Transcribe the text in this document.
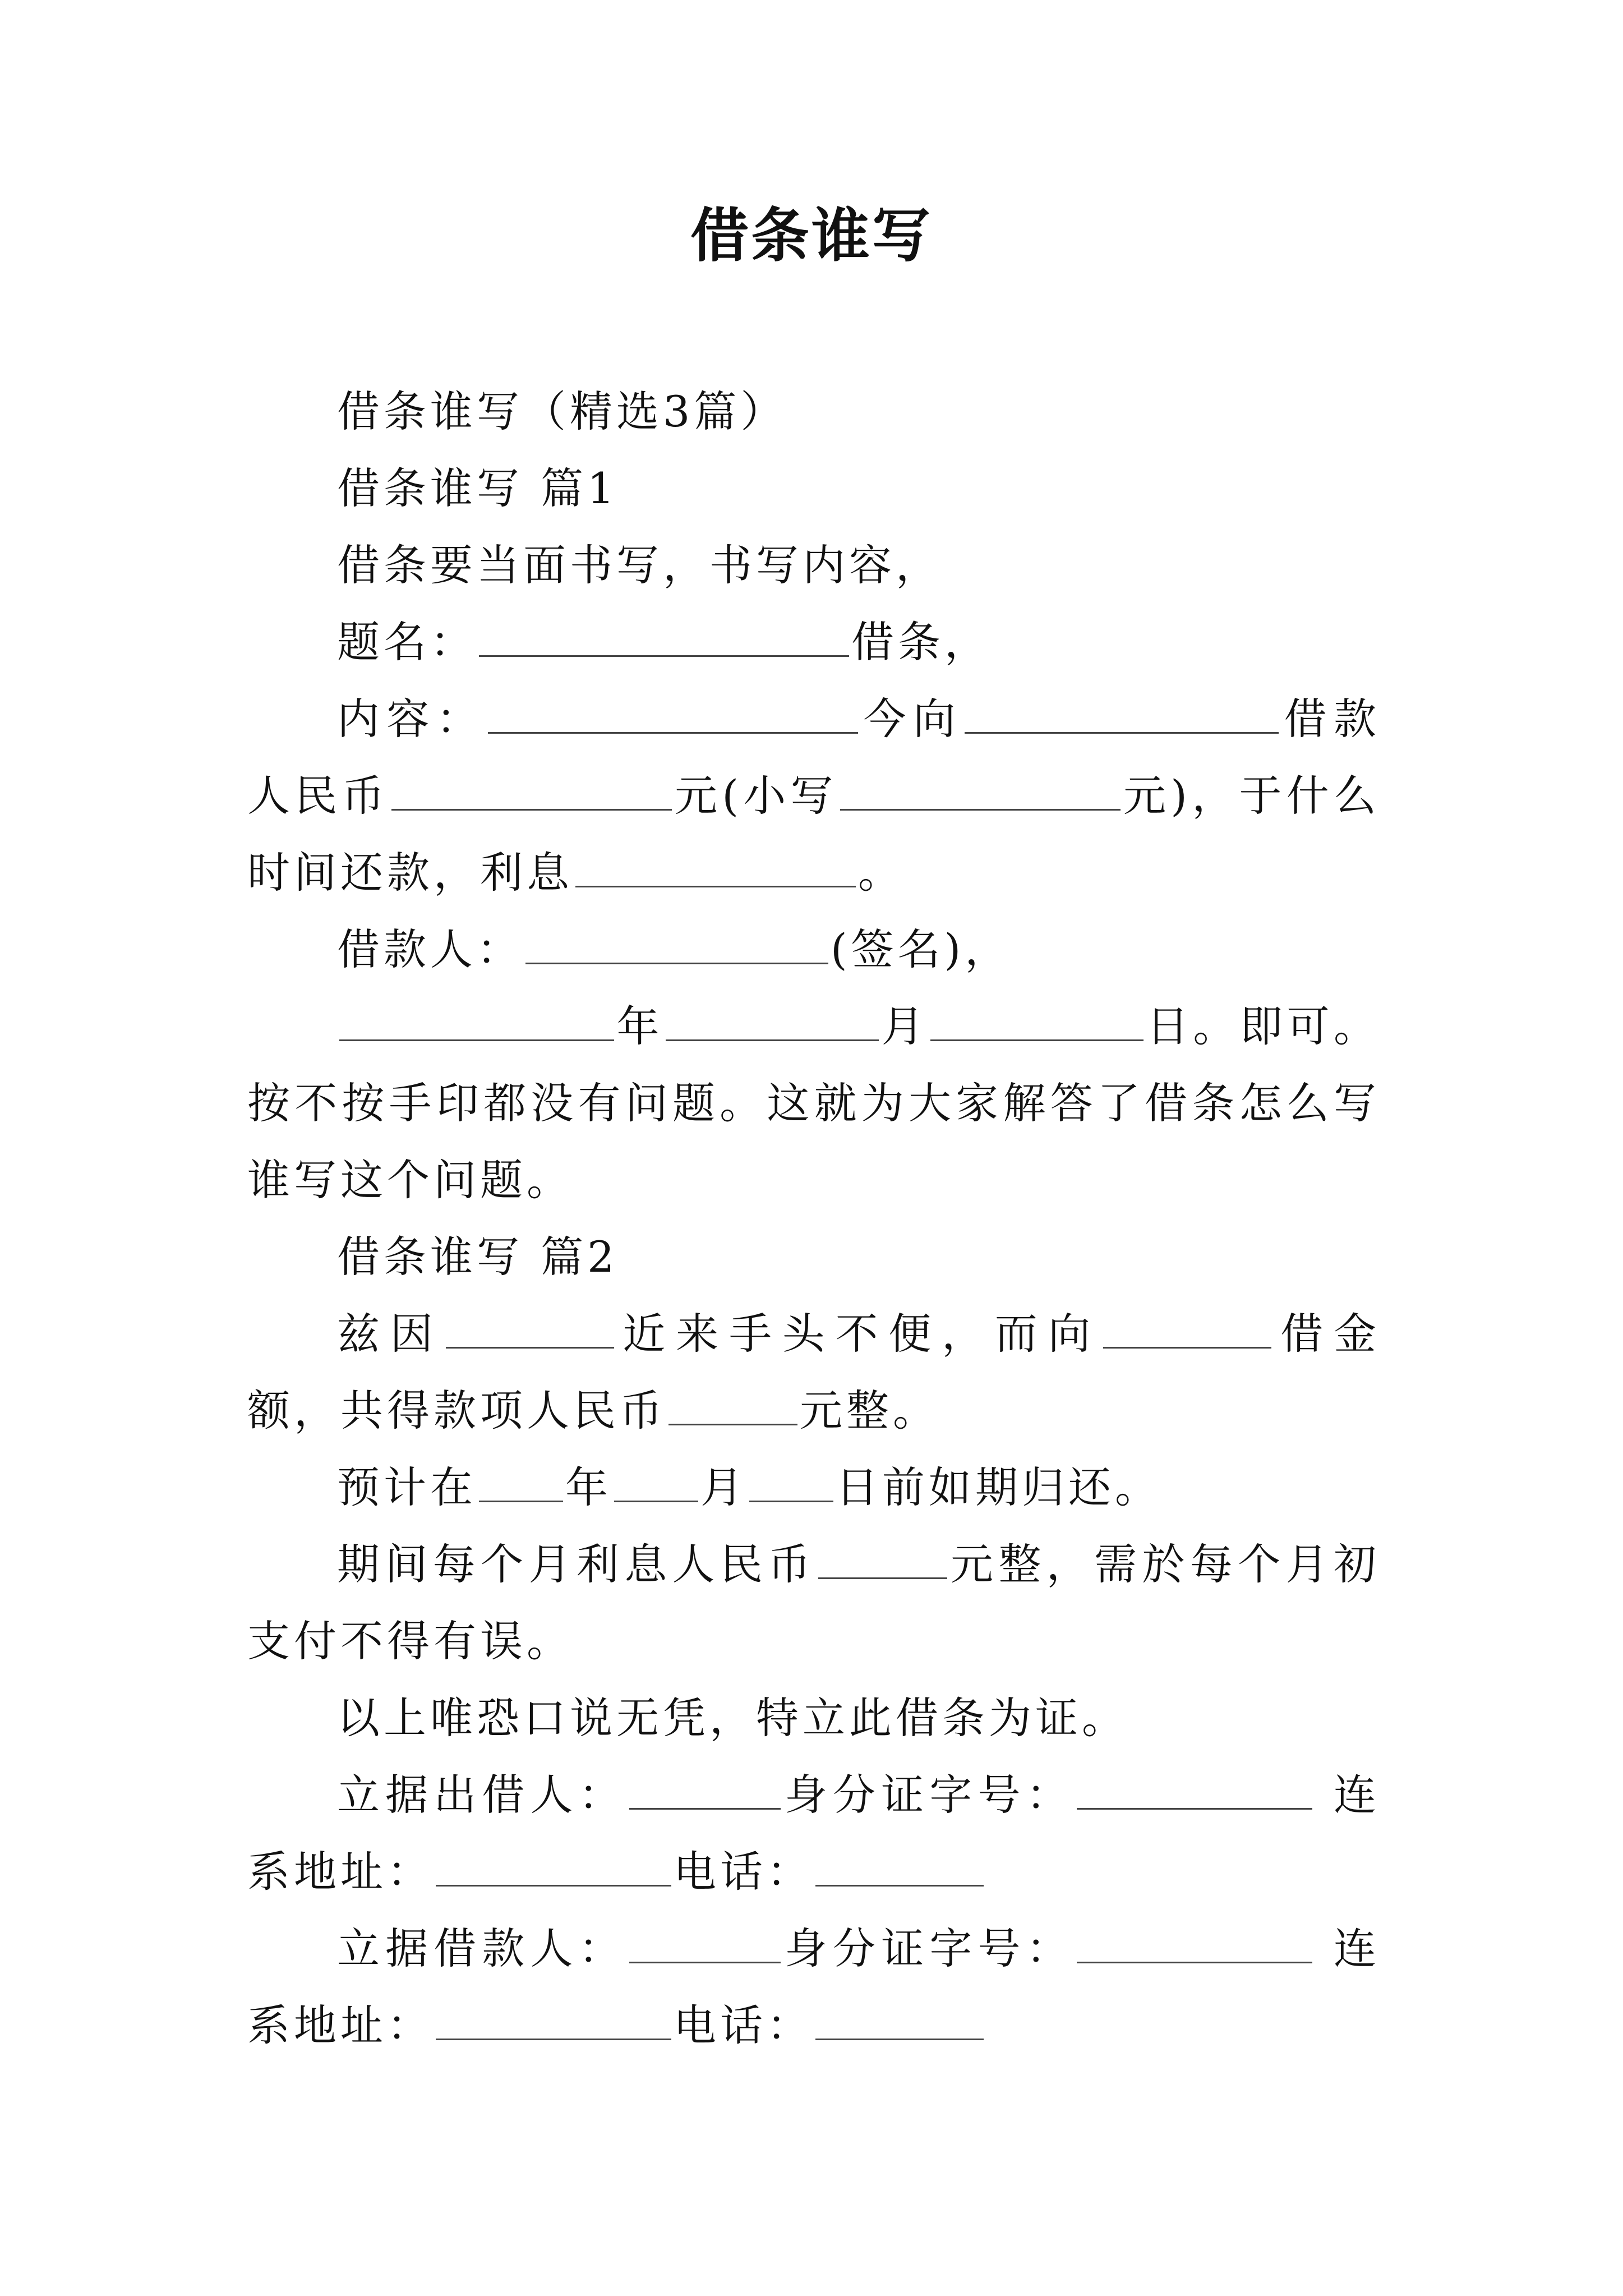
借条谁写

借条谁写（精选3篇）

借条谁写 篇1

借条要当面书写，书写内容，

题名：	借条，

内容：	今向	借款人民币	元(小写	元)，于什么时间还款，利息	。

借款人：	(签名)，

年	月	日。即可。按不按手印都没有问题。这就为大家解答了借条怎么写谁写这个问题。

借条谁写 篇2

兹因	近来手头不便，而向	借金额，共得款项人民币	元整。

预计在 年 月 日前如期归还。

期间每个月利息人民币	元整，需於每个月初支付不得有误。

以上唯恐口说无凭，特立此借条为证。

立据出借人：	身分证字号：	连系地址：	电话：

立据借款人：	身分证字号：	连系地址：	电话：
